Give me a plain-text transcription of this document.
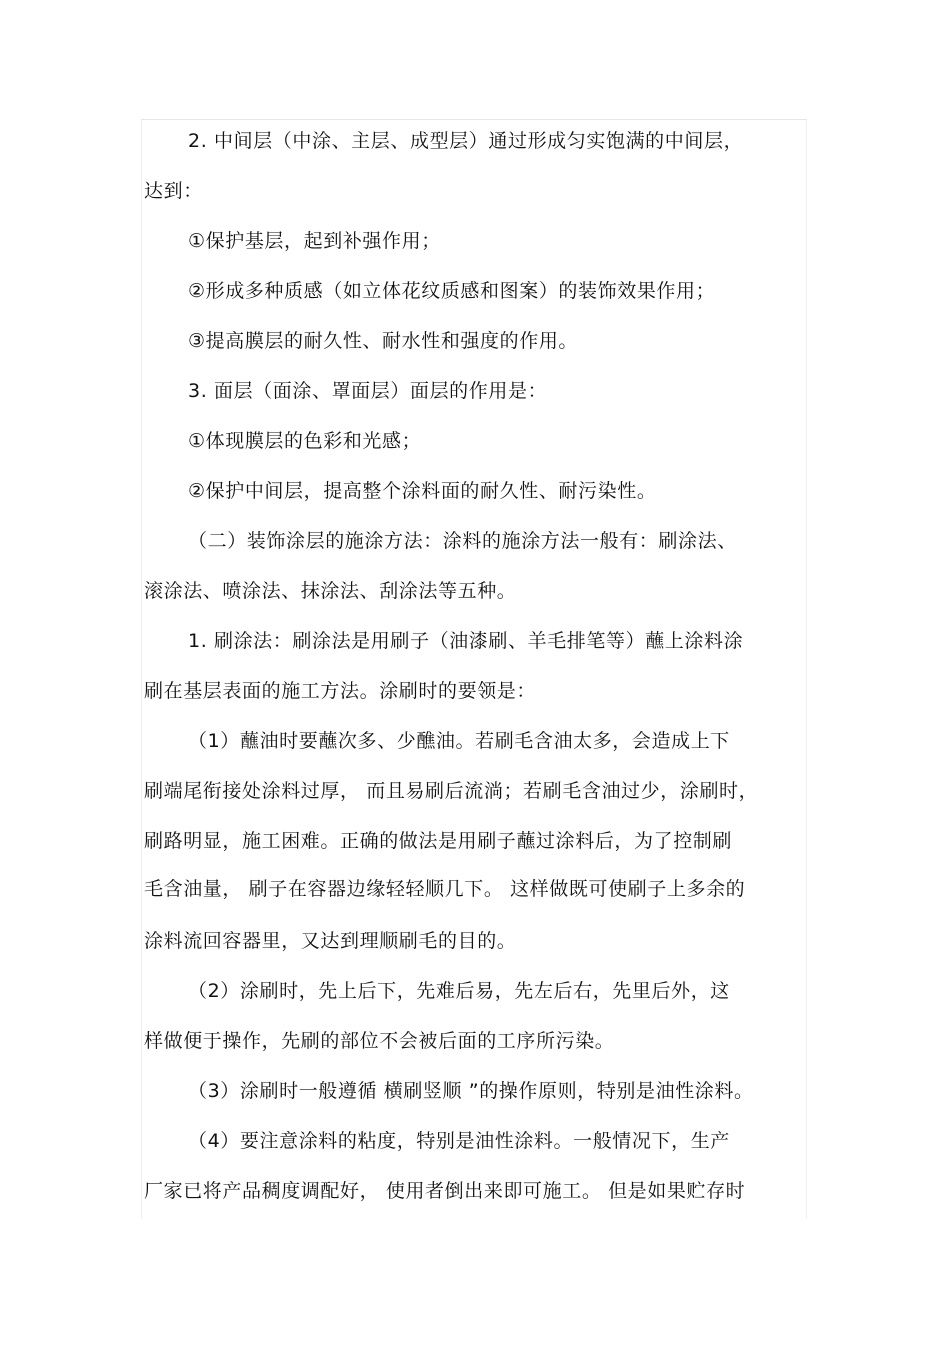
2. 中间层（中涂、主层、成型层）通过形成匀实饱满的中间层，
达到：
①保护基层，起到补强作用；
②形成多种质感（如立体花纹质感和图案）的装饰效果作用；
③提高膜层的耐久性、耐水性和强度的作用。
3. 面层（面涂、罩面层）面层的作用是：
①体现膜层的色彩和光感；
②保护中间层，提高整个涂料面的耐久性、耐污染性。
（二）装饰涂层的施涂方法：涂料的施涂方法一般有：刷涂法、
滚涂法、喷涂法、抹涂法、刮涂法等五种。
1. 刷涂法：刷涂法是用刷子（油漆刷、羊毛排笔等）蘸上涂料涂
刷在基层表面的施工方法。涂刷时的要领是：
（1）蘸油时要蘸次多、少醮油。若刷毛含油太多，会造成上下
刷端尾衔接处涂料过厚， 而且易刷后流淌；若刷毛含油过少，涂刷时，
刷路明显，施工困难。正确的做法是用刷子蘸过涂料后，为了控制刷
毛含油量， 刷子在容器边缘轻轻顺几下。 这样做既可使刷子上多余的
涂料流回容器里，又达到理顺刷毛的目的。
（2）涂刷时，先上后下，先难后易，先左后右，先里后外，这
样做便于操作，先刷的部位不会被后面的工序所污染。
（3）涂刷时一般遵循 横刷竖顺 ”的操作原则，特别是油性涂料。
（4）要注意涂料的粘度，特别是油性涂料。一般情况下，生产
厂家已将产品稠度调配好， 使用者倒出来即可施工。 但是如果贮存时
